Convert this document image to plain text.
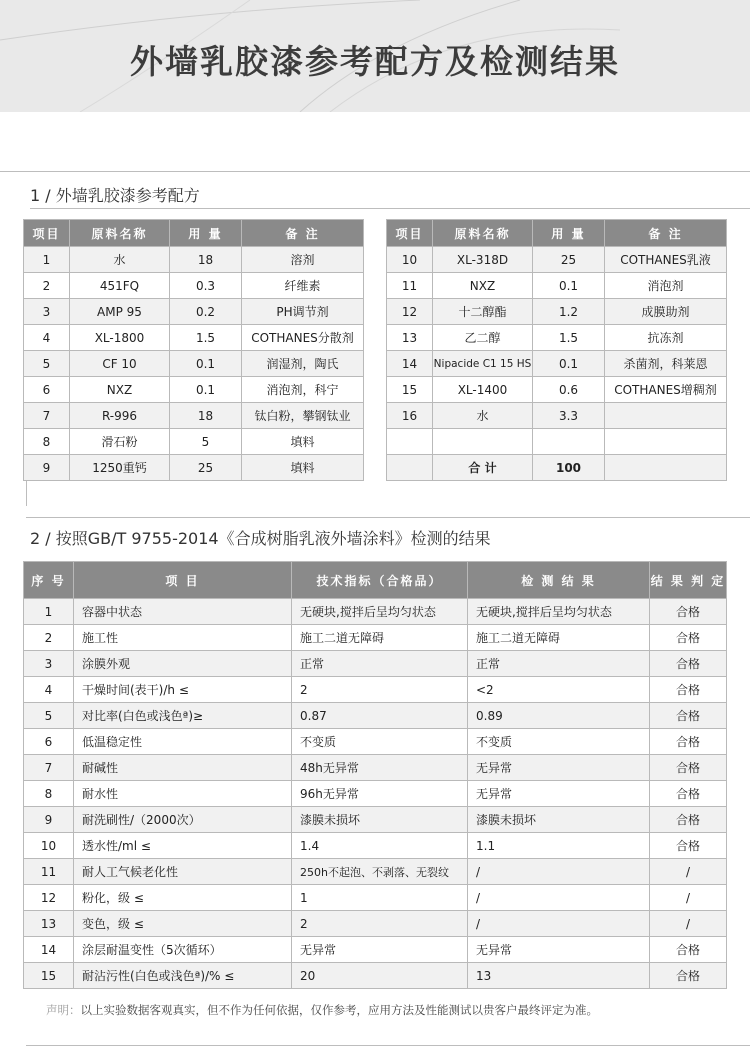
外墙乳胶漆参考配方及检测结果
1 / 外墙乳胶漆参考配方
项目	原料名称	用 量	备 注
1	水	18	溶剂
2	451FQ	0.3	纤维素
3	AMP 95	0.2	PH调节剂
4	XL-1800	1.5	COTHANES分散剂
5	CF 10	0.1	润湿剂，陶氏
6	NXZ	0.1	消泡剂，科宁
7	R-996	18	钛白粉，攀钢钛业
8	滑石粉	5	填料
9	1250重钙	25	填料
项目	原料名称	用 量	备 注
10	XL-318D	25	COTHANES乳液
11	NXZ	0.1	消泡剂
12	十二醇酯	1.2	成膜助剂
13	乙二醇	1.5	抗冻剂
14	Nipacide C1 15 HS	0.1	杀菌剂，科莱恩
15	XL-1400	0.6	COTHANES增稠剂
16	水	3.3	

	合 计	100	
2 / 按照GB/T 9755-2014《合成树脂乳液外墙涂料》检测的结果
序 号	项 目	技术指标（合格品）	检 测 结 果	结 果 判 定
1	容器中状态	无硬块,搅拌后呈均匀状态	无硬块,搅拌后呈均匀状态	合格
2	施工性	施工二道无障碍	施工二道无障碍	合格
3	涂膜外观	正常	正常	合格
4	干燥时间(表干)/h ≤	2	<2	合格
5	对比率(白色或浅色ª)≥	0.87	0.89	合格
6	低温稳定性	不变质	不变质	合格
7	耐碱性	48h无异常	无异常	合格
8	耐水性	96h无异常	无异常	合格
9	耐洗刷性/（2000次）	漆膜未损坏	漆膜未损坏	合格
10	透水性/ml ≤	1.4	1.1	合格
11	耐人工气候老化性	250h不起泡、不剥落、无裂纹	/	/
12	粉化，级 ≤	1	/	/
13	变色，级 ≤	2	/	/
14	涂层耐温变性（5次循环）	无异常	无异常	合格
15	耐沾污性(白色或浅色ª)/% ≤	20	13	合格

声明：以上实验数据客观真实，但不作为任何依据，仅作参考，应用方法及性能测试以贵客户最终评定为准。
